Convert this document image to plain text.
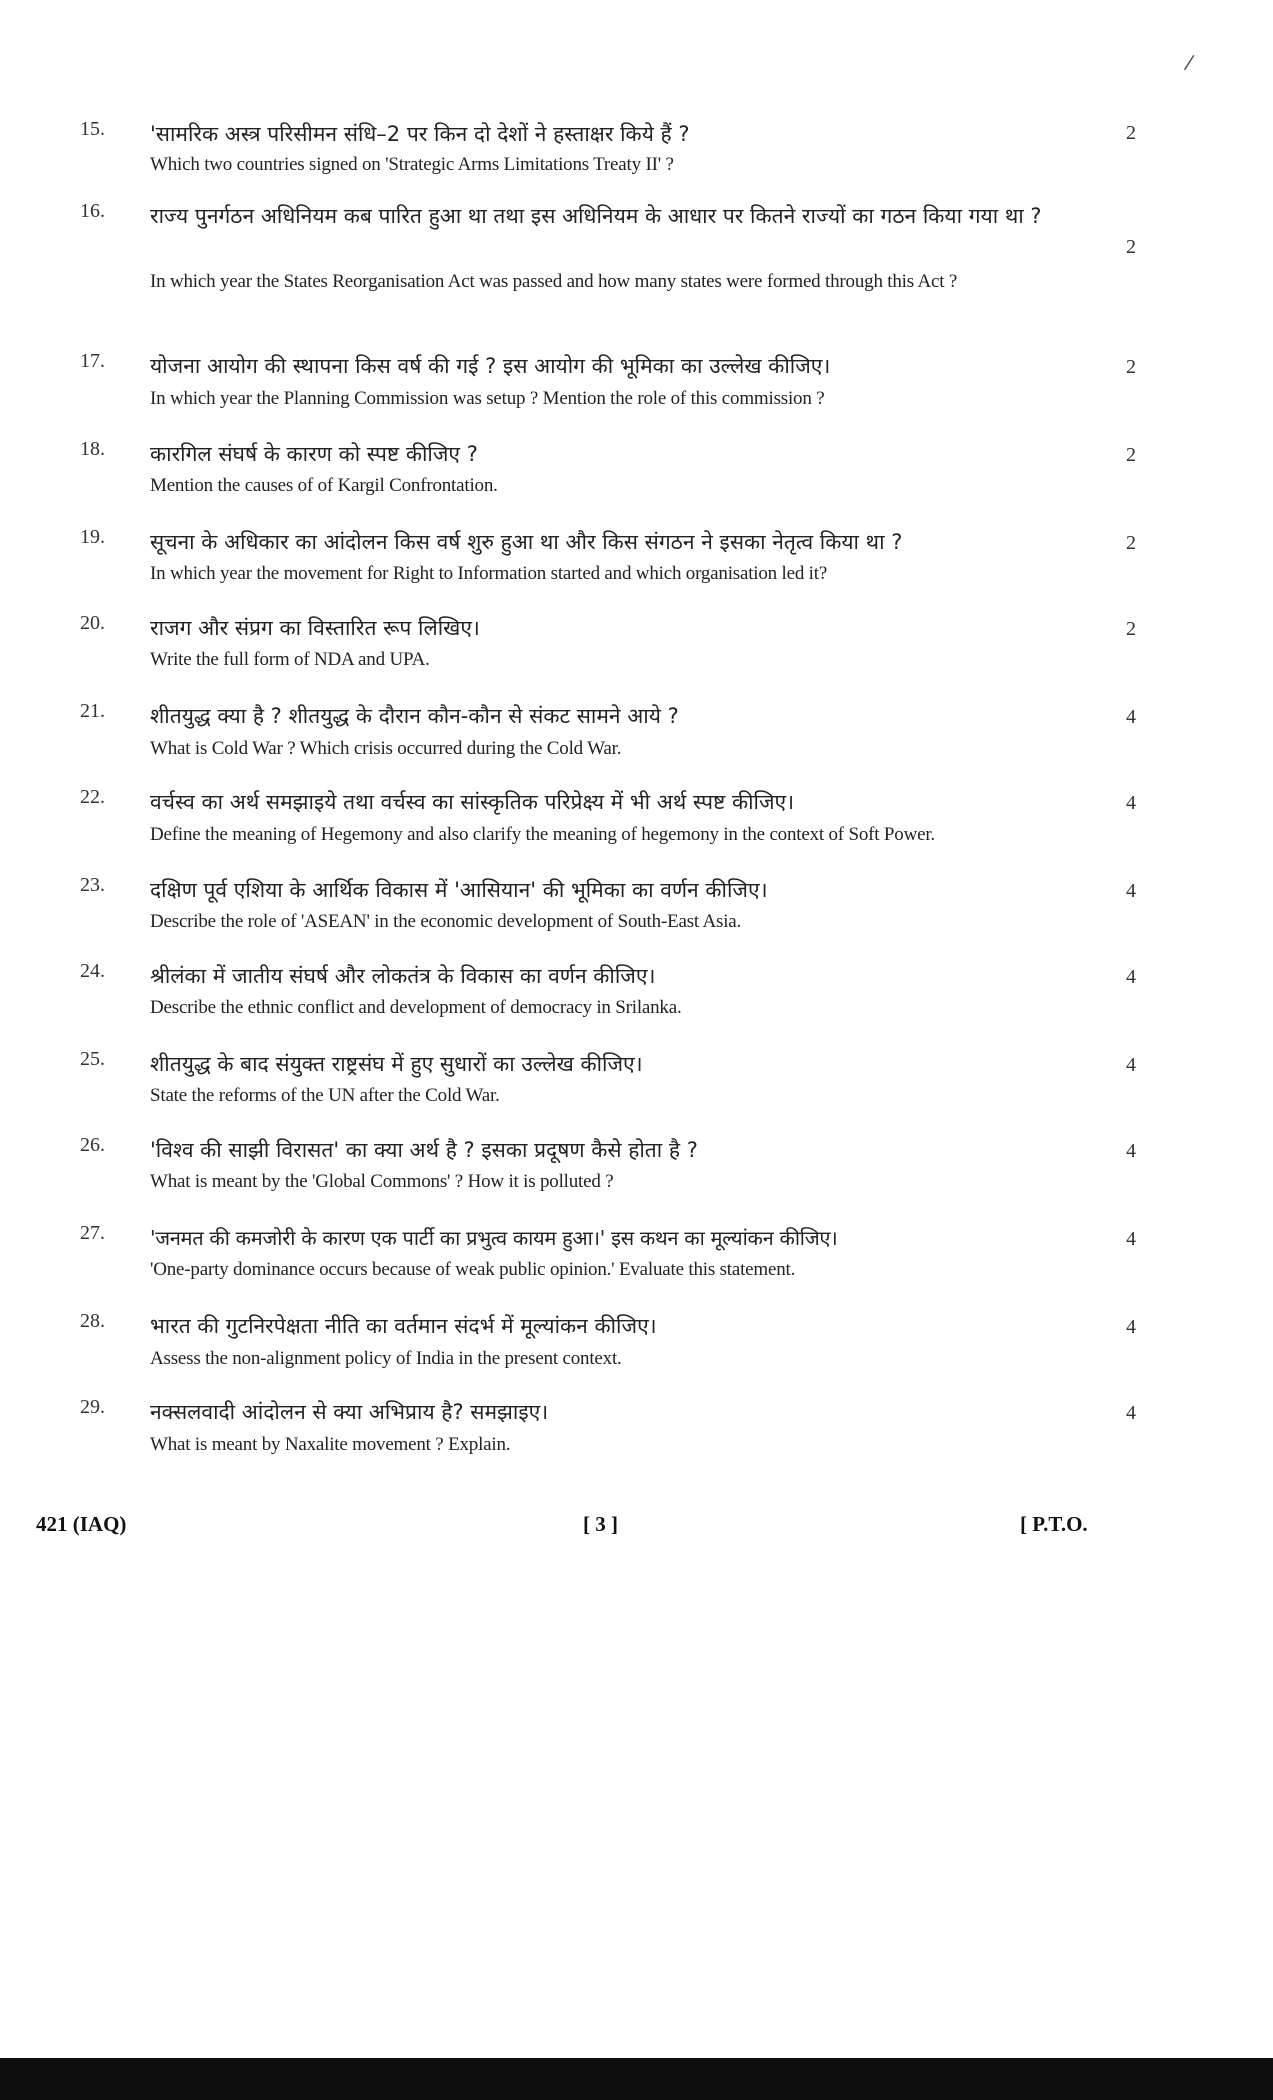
/
15. 'सामरिक अस्त्र परिसीमन संधि–2 पर किन दो देशों ने हस्ताक्षर किये हैं ?
Which two countries signed on 'Strategic Arms Limitations Treaty II' ?
2
16. राज्य पुनर्गठन अधिनियम कब पारित हुआ था तथा इस अधिनियम के आधार पर कितने राज्यों का गठन किया गया था ?
In which year the States Reorganisation Act was passed and how many states were formed through this Act ?
2
17. योजना आयोग की स्थापना किस वर्ष की गई ? इस आयोग की भूमिका का उल्लेख कीजिए।
In which year the Planning Commission was setup ? Mention the role of this commission ?
2
18. कारगिल संघर्ष के कारण को स्पष्ट कीजिए ?
Mention the causes of of Kargil Confrontation.
2
19. सूचना के अधिकार का आंदोलन किस वर्ष शुरु हुआ था और किस संगठन ने इसका नेतृत्व किया था ?
In which year the movement for Right to Information started and which organisation led it?
2
20. राजग और संप्रग का विस्तारित रूप लिखिए।
Write the full form of NDA and UPA.
2
21. शीतयुद्ध क्या है ? शीतयुद्ध के दौरान कौन-कौन से संकट सामने आये ?
What is Cold War ? Which crisis occurred during the Cold War.
4
22. वर्चस्व का अर्थ समझाइये तथा वर्चस्व का सांस्कृतिक परिप्रेक्ष्य में भी अर्थ स्पष्ट कीजिए।
Define the meaning of Hegemony and also clarify the meaning of hegemony in the context of Soft Power.
4
23. दक्षिण पूर्व एशिया के आर्थिक विकास में 'आसियान' की भूमिका का वर्णन कीजिए।
Describe the role of 'ASEAN' in the economic development of South-East Asia.
4
24. श्रीलंका में जातीय संघर्ष और लोकतंत्र के विकास का वर्णन कीजिए।
Describe the ethnic conflict and development of democracy in Srilanka.
4
25. शीतयुद्ध के बाद संयुक्त राष्ट्रसंघ में हुए सुधारों का उल्लेख कीजिए।
State the reforms of the UN after the Cold War.
4
26. 'विश्व की साझी विरासत' का क्या अर्थ है ? इसका प्रदूषण कैसे होता है ?
What is meant by the 'Global Commons' ? How it is polluted ?
4
27. 'जनमत की कमजोरी के कारण एक पार्टी का प्रभुत्व कायम हुआ।' इस कथन का मूल्यांकन कीजिए।
'One-party dominance occurs because of weak public opinion.' Evaluate this statement.
4
28. भारत की गुटनिरपेक्षता नीति का वर्तमान संदर्भ में मूल्यांकन कीजिए।
Assess the non-alignment policy of India in the present context.
4
29. नक्सलवादी आंदोलन से क्या अभिप्राय है? समझाइए।
What is meant by Naxalite movement ? Explain.
4
421 (IAQ)	[ 3 ]	[ P.T.O.
